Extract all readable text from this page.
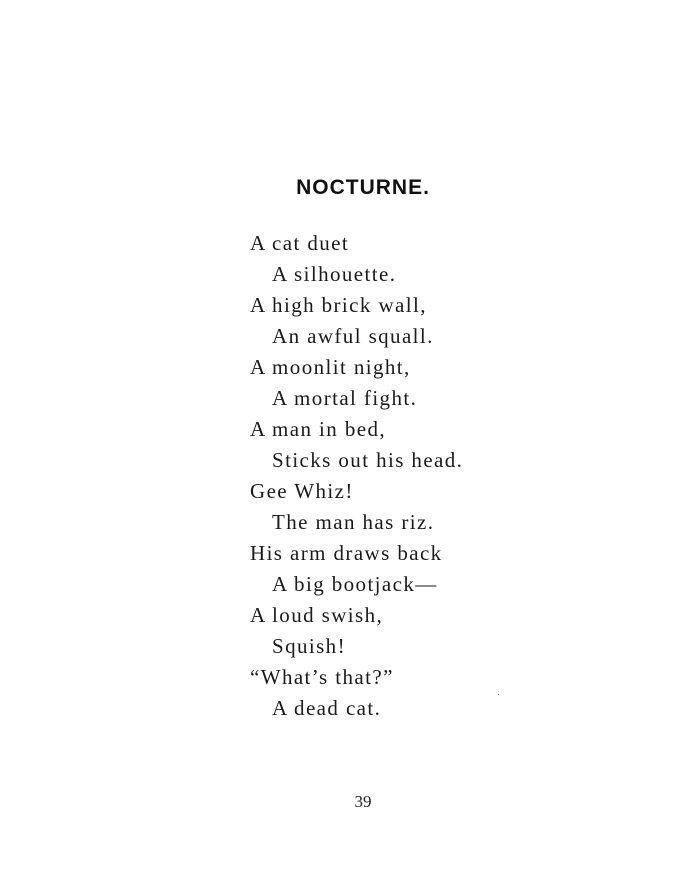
NOCTURNE.
A cat duet
A silhouette.
A high brick wall,
An awful squall.
A moonlit night,
A mortal fight.
A man in bed,
Sticks out his head.
Gee Whiz!
The man has riz.
His arm draws back
A big bootjack—
A loud swish,
Squish!
“What’s that?”
A dead cat.
39
